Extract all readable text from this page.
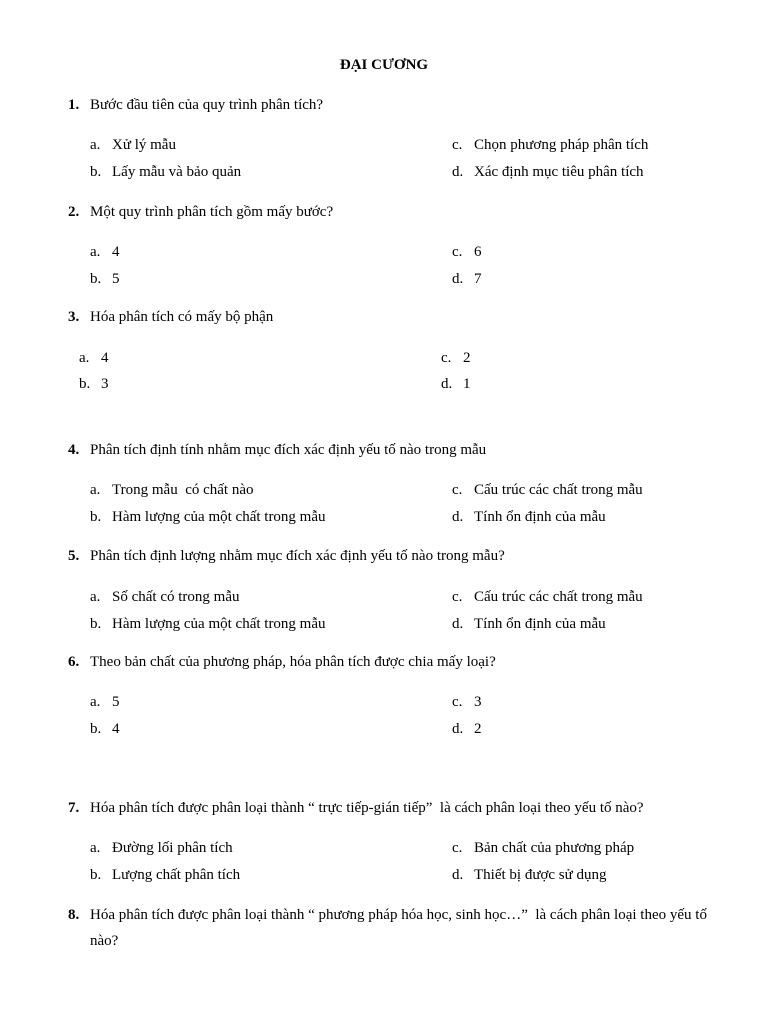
ĐẠI CƯƠNG
1. Bước đầu tiên của quy trình phân tích?
a. Xử lý mẫu
b. Lấy mẫu và bảo quản
c. Chọn phương pháp phân tích
d. Xác định mục tiêu phân tích
2. Một quy trình phân tích gồm mấy bước?
a. 4
b. 5
c. 6
d. 7
3. Hóa phân tích có mấy bộ phận
a. 4
b. 3
c. 2
d. 1
4. Phân tích định tính nhằm mục đích xác định yếu tố nào trong mẫu
a. Trong mẫu  có chất nào
b. Hàm lượng của một chất trong mẫu
c. Cấu trúc các chất trong mẫu
d. Tính ổn định của mẫu
5. Phân tích định lượng nhằm mục đích xác định yếu tố nào trong mẫu?
a. Số chất có trong mẫu
b. Hàm lượng của một chất trong mẫu
c. Cấu trúc các chất trong mẫu
d. Tính ổn định của mẫu
6. Theo bản chất của phương pháp, hóa phân tích được chia mấy loại?
a. 5
b. 4
c. 3
d. 2
7. Hóa phân tích được phân loại thành “ trực tiếp-gián tiếp”  là cách phân loại theo yếu tố nào?
a. Đường lối phân tích
b. Lượng chất phân tích
c. Bản chất của phương pháp
d. Thiết bị được sử dụng
8. Hóa phân tích được phân loại thành “ phương pháp hóa học, sinh học…”  là cách phân loại theo yếu tố nào?
